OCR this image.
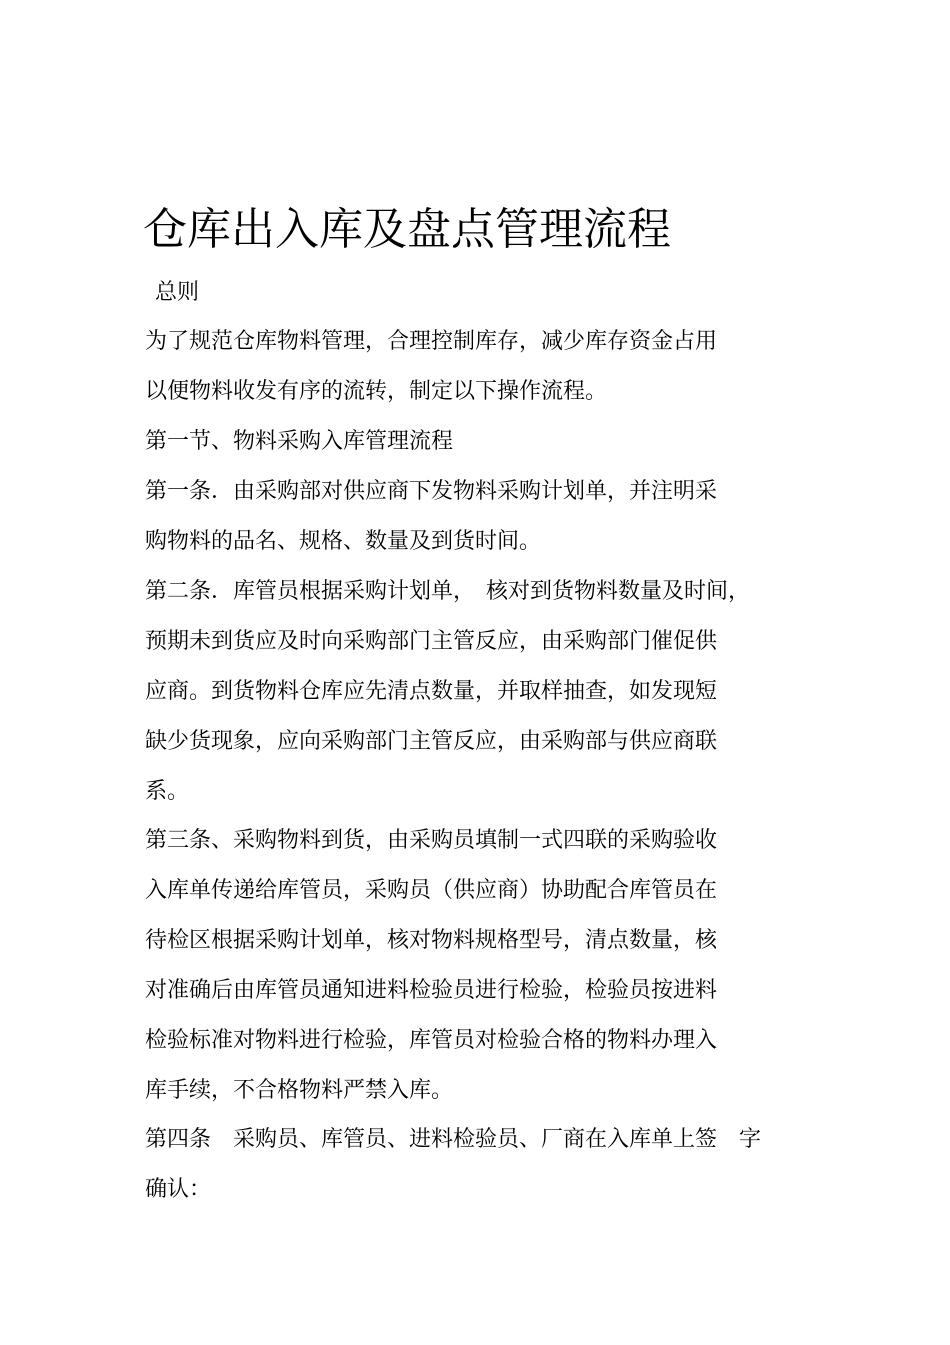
仓库出入库及盘点管理流程
总则
为了规范仓库物料管理，合理控制库存，减少库存资金占用
以便物料收发有序的流转，制定以下操作流程。
第一节、物料采购入库管理流程
第一条．由采购部对供应商下发物料采购计划单，并注明采
购物料的品名、规格、数量及到货时间。
第二条．库管员根据采购计划单，　核对到货物料数量及时间，
预期未到货应及时向采购部门主管反应，由采购部门催促供
应商。到货物料仓库应先清点数量，并取样抽查，如发现短
缺少货现象，应向采购部门主管反应，由采购部与供应商联
系。
第三条、采购物料到货，由采购员填制一式四联的采购验收
入库单传递给库管员，采购员（供应商）协助配合库管员在
待检区根据采购计划单，核对物料规格型号，清点数量，核
对准确后由库管员通知进料检验员进行检验，检验员按进料
检验标准对物料进行检验，库管员对检验合格的物料办理入
库手续，不合格物料严禁入库。
第四条　采购员、库管员、进料检验员、厂商在入库单上签　字
确认：
